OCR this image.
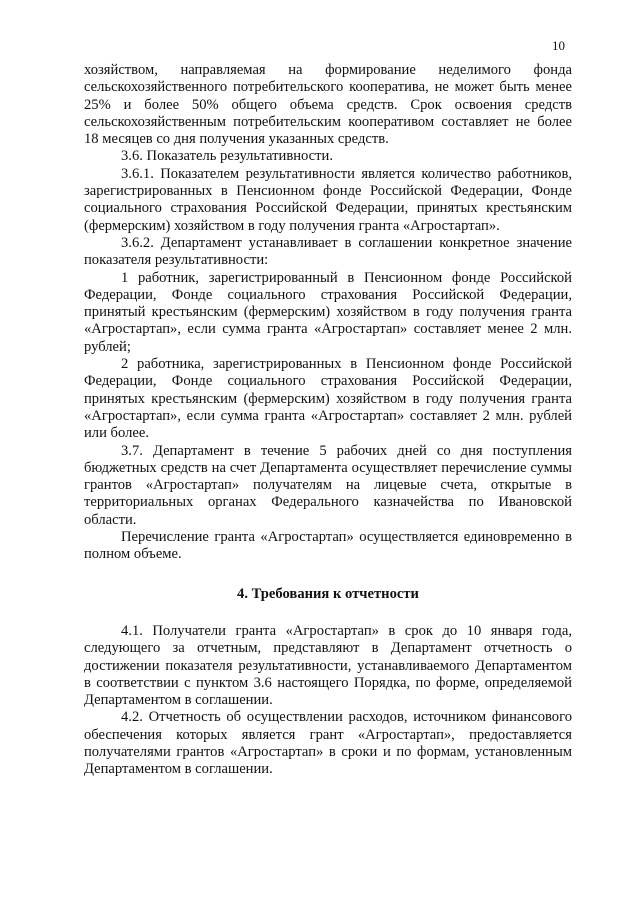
10

хозяйством, направляемая на формирование неделимого фонда сельскохозяйственного потребительского кооператива, не может быть менее 25% и более 50% общего объема средств. Срок освоения средств сельскохозяйственным потребительским кооперативом составляет не более 18 месяцев со дня получения указанных средств.

3.6. Показатель результативности.

3.6.1. Показателем результативности является количество работников, зарегистрированных в Пенсионном фонде Российской Федерации, Фонде социального страхования Российской Федерации, принятых крестьянским (фермерским) хозяйством в году получения гранта «Агростартап».

3.6.2. Департамент устанавливает в соглашении конкретное значение показателя результативности:

1 работник, зарегистрированный в Пенсионном фонде Российской Федерации, Фонде социального страхования Российской Федерации, принятый крестьянским (фермерским) хозяйством в году получения гранта «Агростартап», если сумма гранта «Агростартап» составляет менее 2 млн. рублей;

2 работника, зарегистрированных в Пенсионном фонде Российской Федерации, Фонде социального страхования Российской Федерации, принятых крестьянским (фермерским) хозяйством в году получения гранта «Агростартап», если сумма гранта «Агростартап» составляет 2 млн. рублей или более.

3.7. Департамент в течение 5 рабочих дней со дня поступления бюджетных средств на счет Департамента осуществляет перечисление суммы грантов «Агростартап» получателям на лицевые счета, открытые в территориальных органах Федерального казначейства по Ивановской области.

Перечисление гранта «Агростартап» осуществляется единовременно в полном объеме.

4. Требования к отчетности

4.1. Получатели гранта «Агростартап» в срок до 10 января года, следующего за отчетным, представляют в Департамент отчетность о достижении показателя результативности, устанавливаемого Департаментом в соответствии с пунктом 3.6 настоящего Порядка, по форме, определяемой Департаментом в соглашении.

4.2. Отчетность об осуществлении расходов, источником финансового обеспечения которых является грант «Агростартап», предоставляется получателями грантов «Агростартап» в сроки и по формам, установленным Департаментом в соглашении.
